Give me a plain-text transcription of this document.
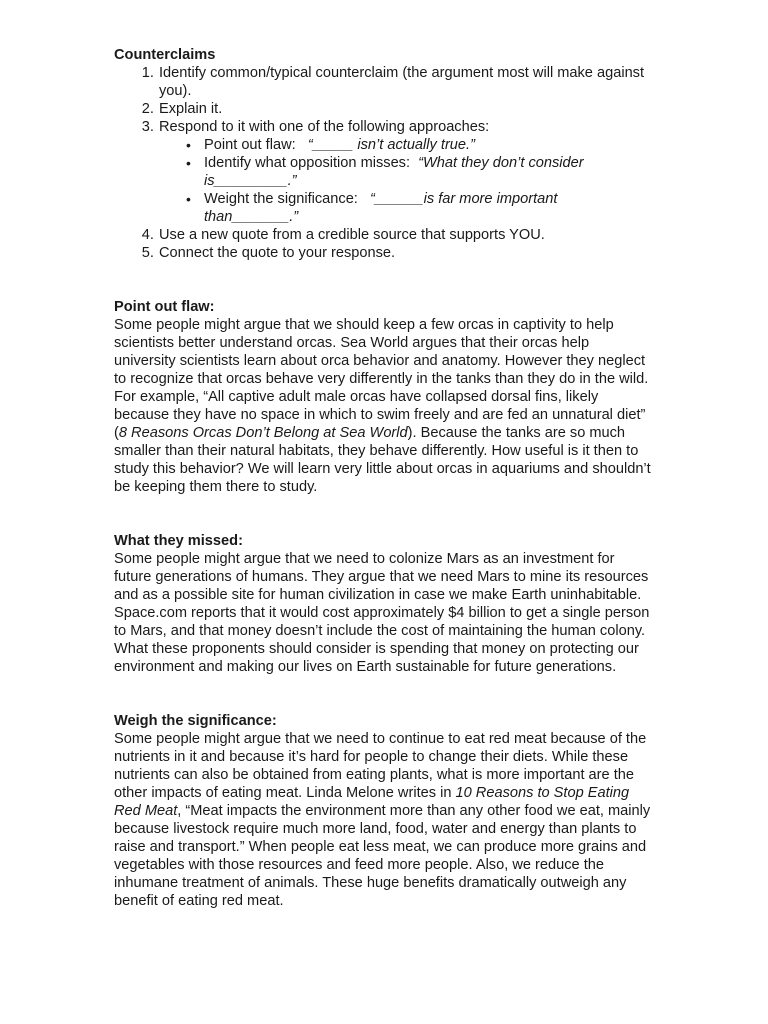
Counterclaims
1. Identify common/typical counterclaim (the argument most will make against you).
2. Explain it.
3. Respond to it with one of the following approaches:
• Point out flaw: “_____ isn’t actually true.”
• Identify what opposition misses: “What they don’t consider is_________.”
• Weight the significance: “______is far more important than_______.”
4. Use a new quote from a credible source that supports YOU.
5. Connect the quote to your response.
Point out flaw:

Some people might argue that we should keep a few orcas in captivity to help scientists better understand orcas. Sea World argues that their orcas help university scientists learn about orca behavior and anatomy. However they neglect to recognize that orcas behave very differently in the tanks than they do in the wild. For example, “All captive adult male orcas have collapsed dorsal fins, likely because they have no space in which to swim freely and are fed an unnatural diet” (8 Reasons Orcas Don’t Belong at Sea World). Because the tanks are so much smaller than their natural habitats, they behave differently. How useful is it then to study this behavior? We will learn very little about orcas in aquariums and shouldn’t be keeping them there to study.

What they missed:

Some people might argue that we need to colonize Mars as an investment for future generations of humans. They argue that we need Mars to mine its resources and as a possible site for human civilization in case we make Earth uninhabitable. Space.com reports that it would cost approximately $4 billion to get a single person to Mars, and that money doesn’t include the cost of maintaining the human colony. What these proponents should consider is spending that money on protecting our environment and making our lives on Earth sustainable for future generations.

Weigh the significance:

Some people might argue that we need to continue to eat red meat because of the nutrients in it and because it’s hard for people to change their diets. While these nutrients can also be obtained from eating plants, what is more important are the other impacts of eating meat. Linda Melone writes in 10 Reasons to Stop Eating Red Meat, “Meat impacts the environment more than any other food we eat, mainly because livestock require much more land, food, water and energy than plants to raise and transport.” When people eat less meat, we can produce more grains and vegetables with those resources and feed more people. Also, we reduce the inhumane treatment of animals. These huge benefits dramatically outweigh any benefit of eating red meat.
